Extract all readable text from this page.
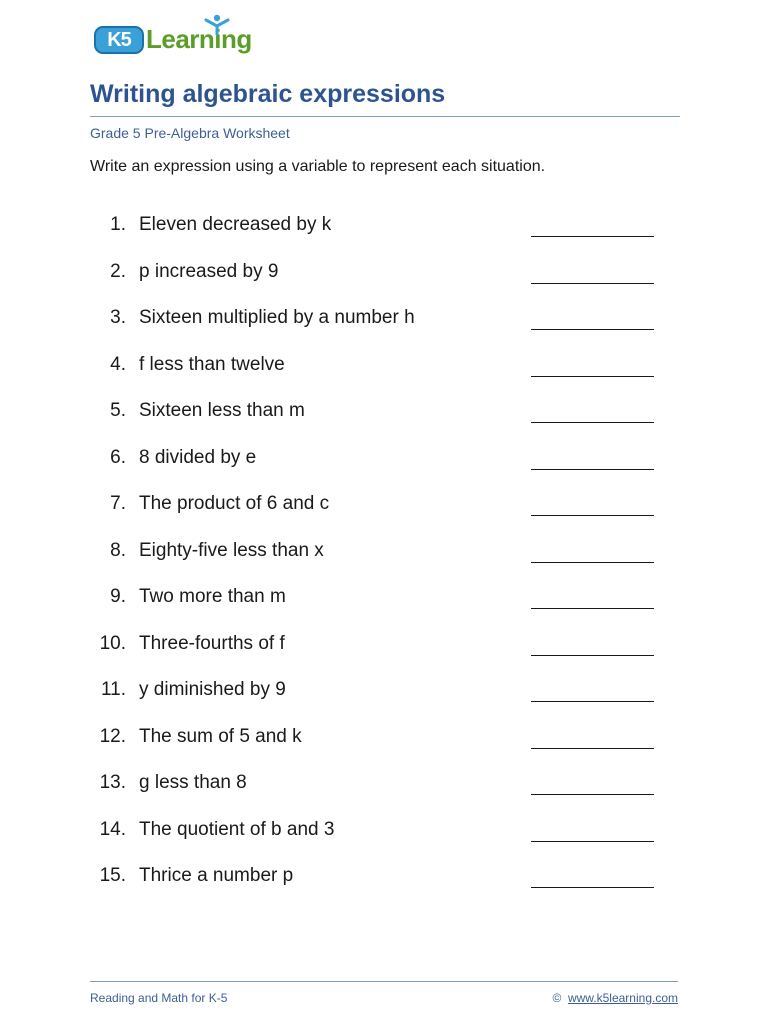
K5 Learning
Writing algebraic expressions
Grade 5 Pre-Algebra Worksheet
Write an expression using a variable to represent each situation.
1. Eleven decreased by k
2. p increased by 9
3. Sixteen multiplied by a number h
4. f less than twelve
5. Sixteen less than m
6. 8 divided by e
7. The product of 6 and c
8. Eighty-five less than x
9. Two more than m
10. Three-fourths of f
11. y diminished by 9
12. The sum of 5 and k
13. g less than 8
14. The quotient of b and 3
15. Thrice a number p
Reading and Math for K-5	© www.k5learning.com
